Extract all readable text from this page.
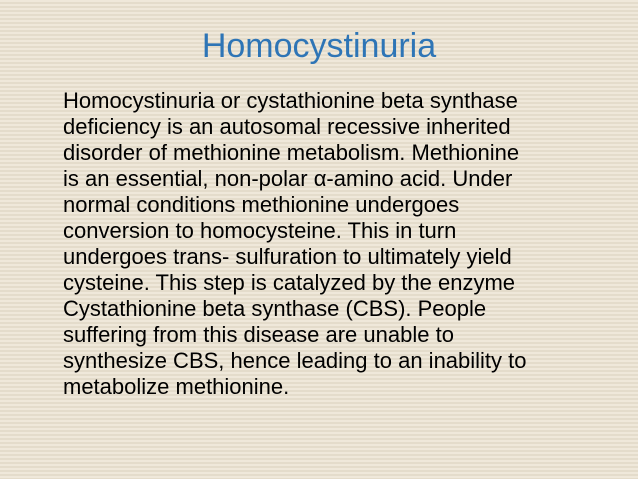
Homocystinuria

Homocystinuria or cystathionine beta synthase
deficiency is an autosomal recessive inherited
disorder of methionine metabolism. Methionine
is an essential, non-polar α-amino acid. Under
normal conditions methionine undergoes
conversion to homocysteine. This in turn
undergoes trans- sulfuration to ultimately yield
cysteine. This step is catalyzed by the enzyme
Cystathionine beta synthase (CBS). People
suffering from this disease are unable to
synthesize CBS, hence leading to an inability to
metabolize methionine.
